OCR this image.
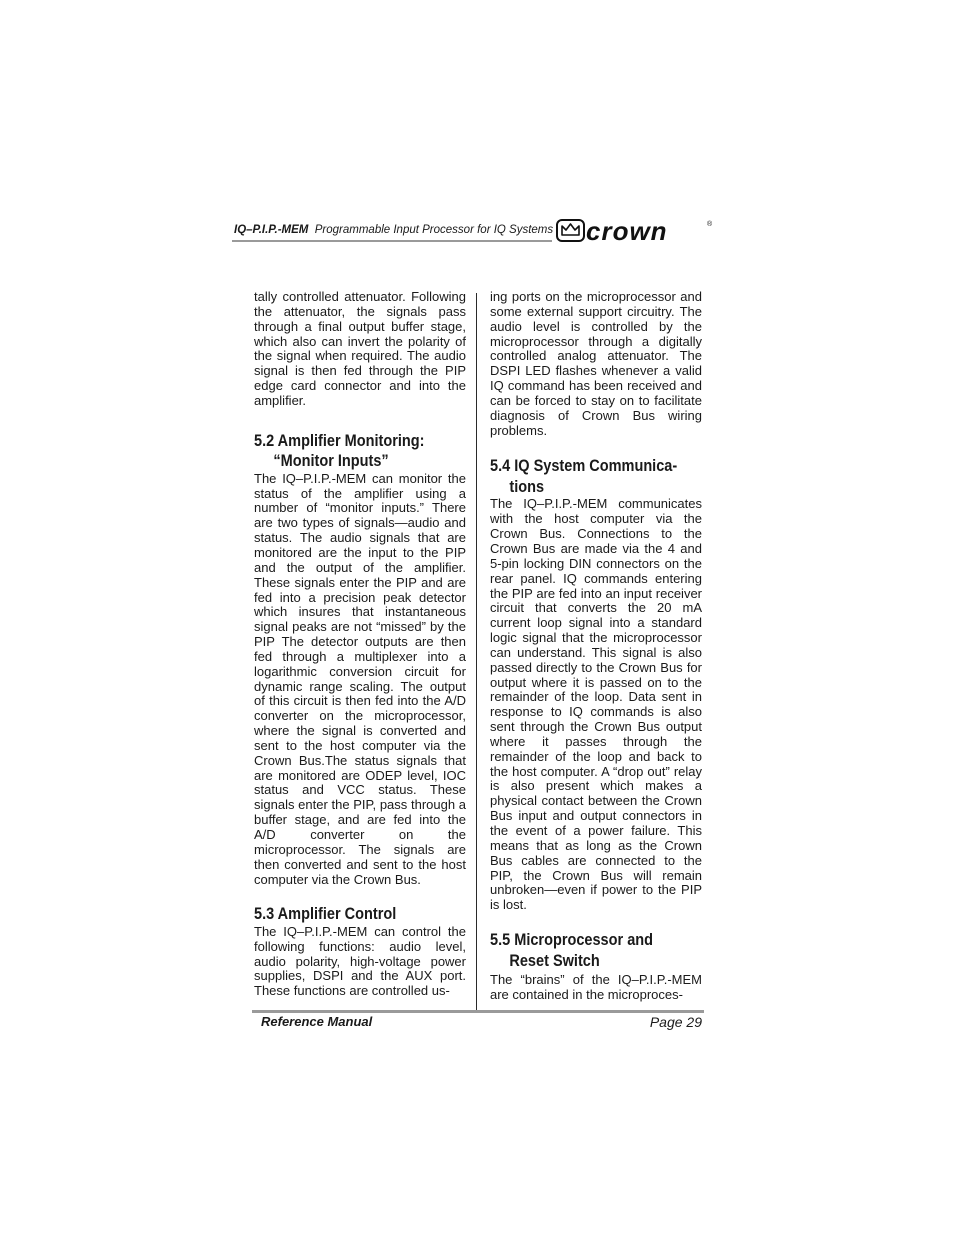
IQ–P.I.P.-MEM Programmable Input Processor for IQ Systems crown	®

tally controlled attenuator. Following the attenuator, the signals pass through a final output buffer stage, which also can invert the polarity of the signal when required. The audio signal is then fed through the PIP edge card connector and into the amplifier.

5.2 Amplifier Monitoring:
“Monitor Inputs”

The IQ–P.I.P.-MEM can monitor the status of the amplifier using a number of “monitor inputs.” There are two types of signals—audio and status. The audio signals that are monitored are the input to the PIP and the output of the amplifier. These signals enter the PIP and are fed into a precision peak detector which insures that instantaneous signal peaks are not “missed” by the PIP The detector outputs are then fed through a multiplexer into a logarithmic conversion circuit for dynamic range scaling. The output of this circuit is then fed into the A/D converter on the microprocessor, where the signal is converted and sent to the host computer via the Crown Bus.The status signals that are monitored are ODEP level, IOC status and VCC status. These signals enter the PIP, pass through a buffer stage, and are fed into the A/D converter on the microprocessor. The signals are then converted and sent to the host computer via the Crown Bus.

5.3 Amplifier Control

The IQ–P.I.P.-MEM can control the following functions: audio level, audio polarity, high-voltage power supplies, DSPI and the AUX port. These functions are controlled us-

ing ports on the microprocessor and some external support circuitry. The audio level is controlled by the microprocessor through a digitally controlled analog attenuator. The DSPI LED flashes whenever a valid IQ command has been received and can be forced to stay on to facilitate diagnosis of Crown Bus wiring problems.

5.4 IQ System Communica-
tions

The IQ–P.I.P.-MEM communicates with the host computer via the Crown Bus. Connections to the Crown Bus are made via the 4 and 5-pin locking DIN connectors on the rear panel. IQ commands entering the PIP are fed into an input receiver circuit that converts the 20 mA current loop signal into a standard logic signal that the microprocessor can understand. This signal is also passed directly to the Crown Bus for output where it is passed on to the remainder of the loop. Data sent in response to IQ commands is also sent through the Crown Bus output where it passes through the remainder of the loop and back to the host computer. A “drop out” relay is also present which makes a physical contact between the Crown Bus input and output connectors in the event of a power failure. This means that as long as the Crown Bus cables are connected to the PIP, the Crown Bus will remain unbroken—even if power to the PIP is lost.

5.5 Microprocessor and
Reset Switch

The “brains” of the IQ–P.I.P.-MEM are contained in the microproces-

Reference Manual	Page 29
